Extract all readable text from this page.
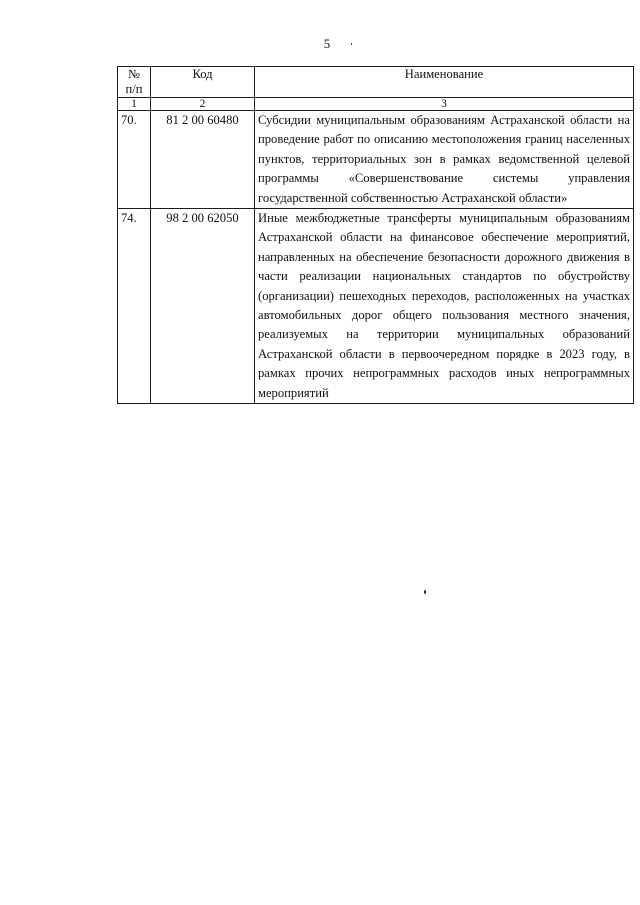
5
№
п/п	Код	Наименование
1	2	3
70.	81 2 00 60480	Субсидии муниципальным образованиям Астраханской области на проведение работ по описанию местоположения границ населенных пунктов, территориальных зон в рамках ведомственной целевой программы «Совершенствование системы управления государственной собственностью Астраханской области»
74.	98 2 00 62050	Иные межбюджетные трансферты муниципальным образованиям Астраханской области на финансовое обеспечение мероприятий, направленных на обеспечение безопасности дорожного движения в части реализации национальных стандартов по обустройству (организации) пешеходных переходов, расположенных на участках автомобильных дорог общего пользования местного значения, реализуемых на территории муниципальных образований Астраханской области в первоочередном порядке в 2023 году, в рамках прочих непрограммных расходов иных непрограммных мероприятий
